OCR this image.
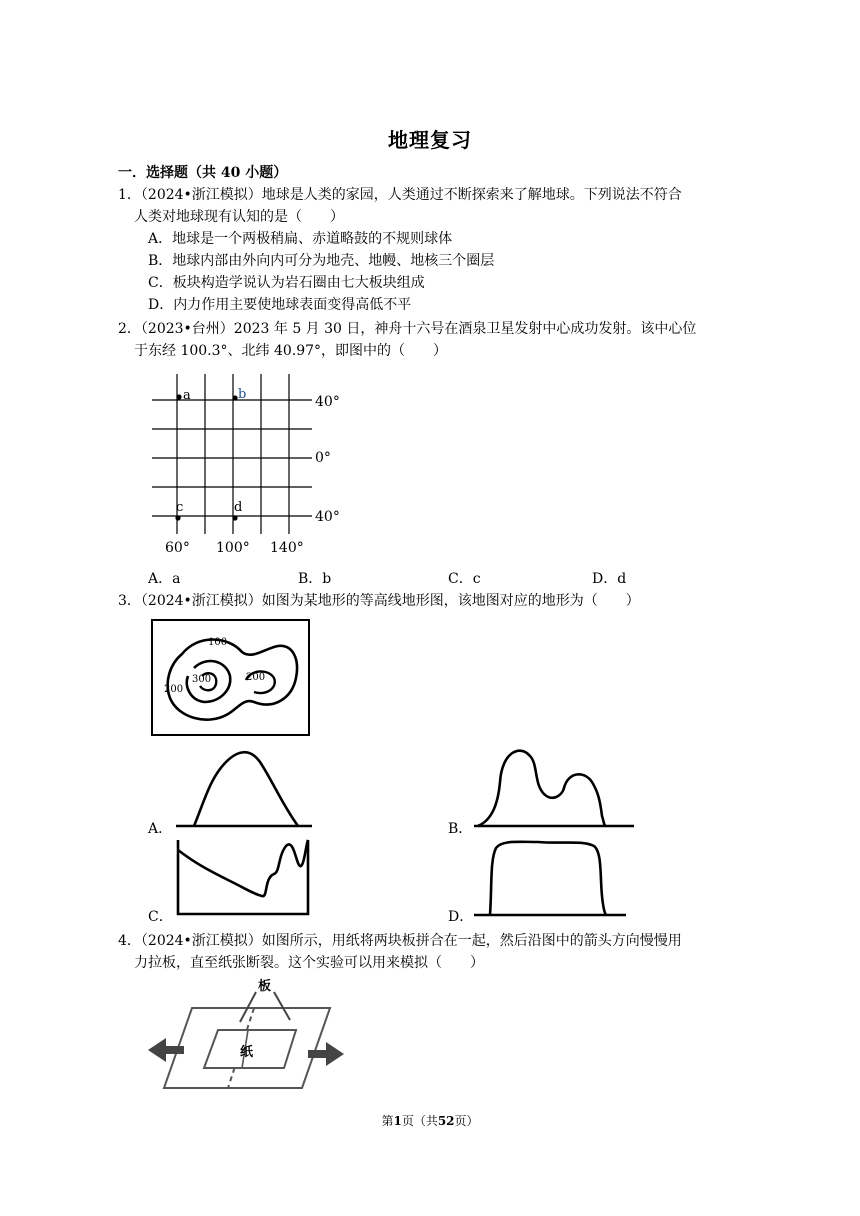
地理复习
一．选择题（共 40 小题）
1．（2024•浙江模拟）地球是人类的家园，人类通过不断探索来了解地球。下列说法不符合

人类对地球现有认知的是（　　）
A．地球是一个两极稍扁、赤道略鼓的不规则球体
B．地球内部由外向内可分为地壳、地幔、地核三个圈层
C．板块构造学说认为岩石圈由七大板块组成
D．内力作用主要使地球表面变得高低不平
2．（2023•台州）2023 年 5 月 30 日，神舟十六号在酒泉卫星发射中心成功发射。该中心位

于东经 100.3°、北纬 40.97°，即图中的（　　）
a	b
c	d
40°
0°
40°
60° 100° 140°
A．a	B．b	C．c	D．d
3．（2024•浙江模拟）如图为某地形的等高线地形图，该地图对应的地形为（　　）
100
300
200
200
A．	B．
C．	D．
4．（2024•浙江模拟）如图所示，用纸将两块板拼合在一起，然后沿图中的箭头方向慢慢用

力拉板，直至纸张断裂。这个实验可以用来模拟（　　）
板
纸
第1页（共52页）
